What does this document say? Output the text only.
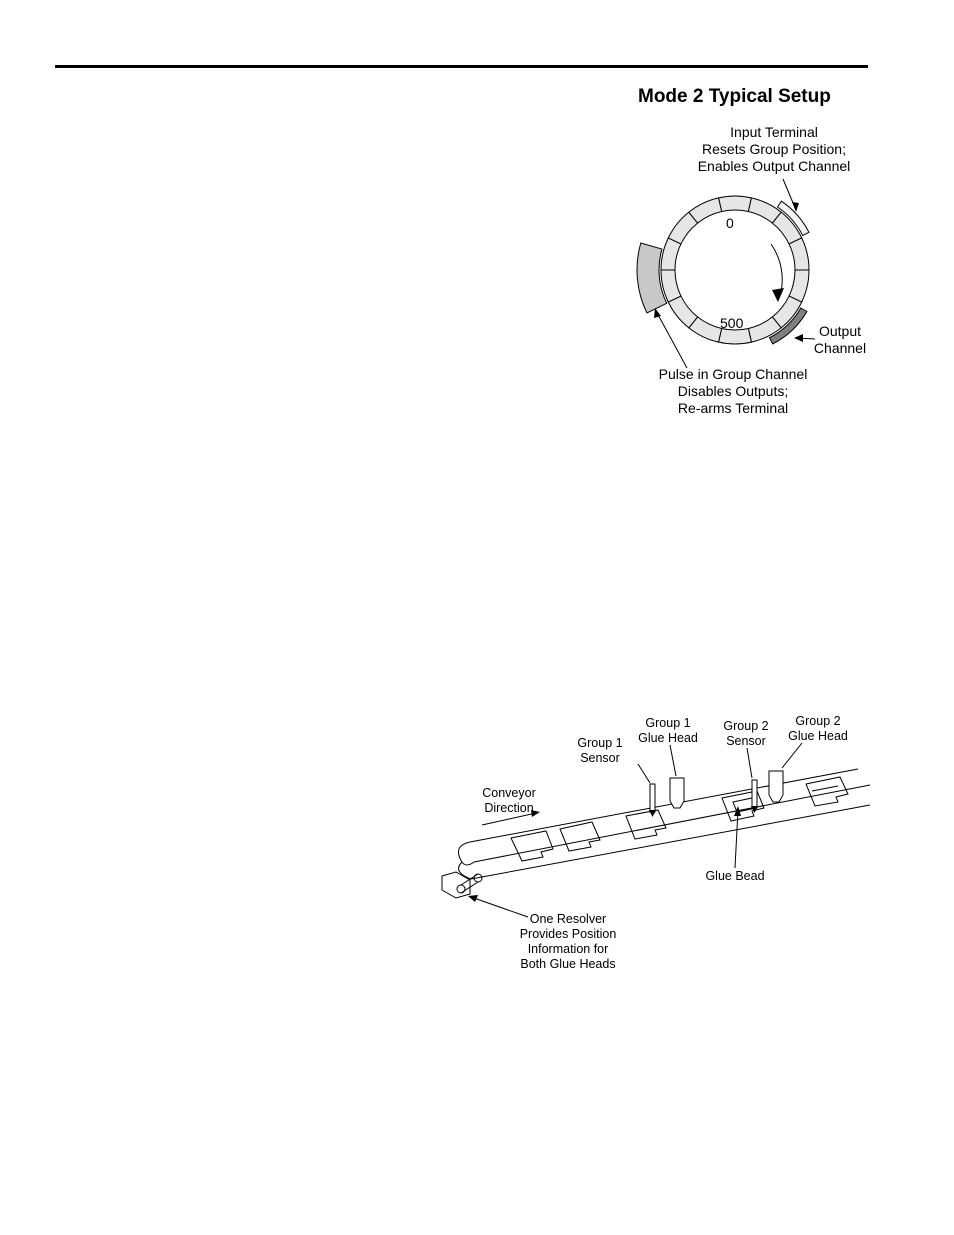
Mode 2 Typical Setup
Input Terminal
Resets Group Position;
Enables Output Channel
0
500	Output
Channel
Pulse in Group Channel
Disables Outputs;
Re-arms Terminal
Group 1
Sensor
Group 1
Glue Head
Group 2
Sensor
Group 2
Glue Head
Conveyor
Direction
Glue Bead
One Resolver
Provides Position
Information for
Both Glue Heads
